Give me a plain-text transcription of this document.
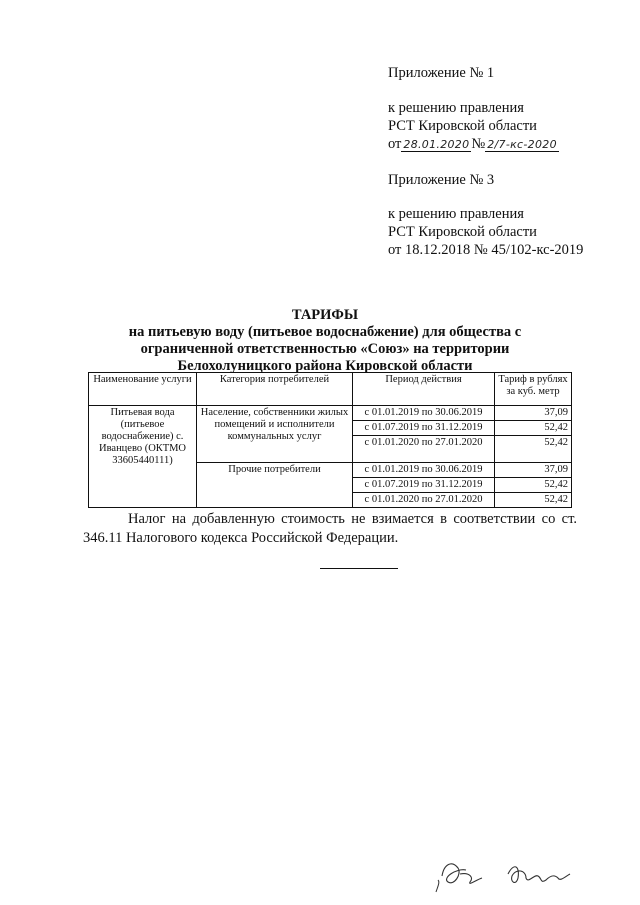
Приложение № 1
к решению правления
РСТ Кировской области
от 28.01.2020 № 2/7-кс-2020
Приложение № 3
к решению правления
РСТ Кировской области
от 18.12.2018 № 45/102-кс-2019
ТАРИФЫ
на питьевую воду (питьевое водоснабжение) для общества с
ограниченной ответственностью «Союз» на территории
Белохолуницкого района Кировской области
Наименование услуги	Категория потребителей	Период действия	Тариф в рублях за куб. метр
Питьевая вода (питьевое водоснабжение) с. Иванцево (ОКТМО 33605440111)	Население, собственники жилых помещений и исполнители коммунальных услуг	с 01.01.2019 по 30.06.2019	37,09
		с 01.07.2019 по 31.12.2019	52,42
		с 01.01.2020 по 27.01.2020	52,42
	Прочие потребители	с 01.01.2019 по 30.06.2019	37,09
		с 01.07.2019 по 31.12.2019	52,42
		с 01.01.2020 по 27.01.2020	52,42
Налог на добавленную стоимость не взимается в соответствии со ст. 346.11 Налогового кодекса Российской Федерации.
